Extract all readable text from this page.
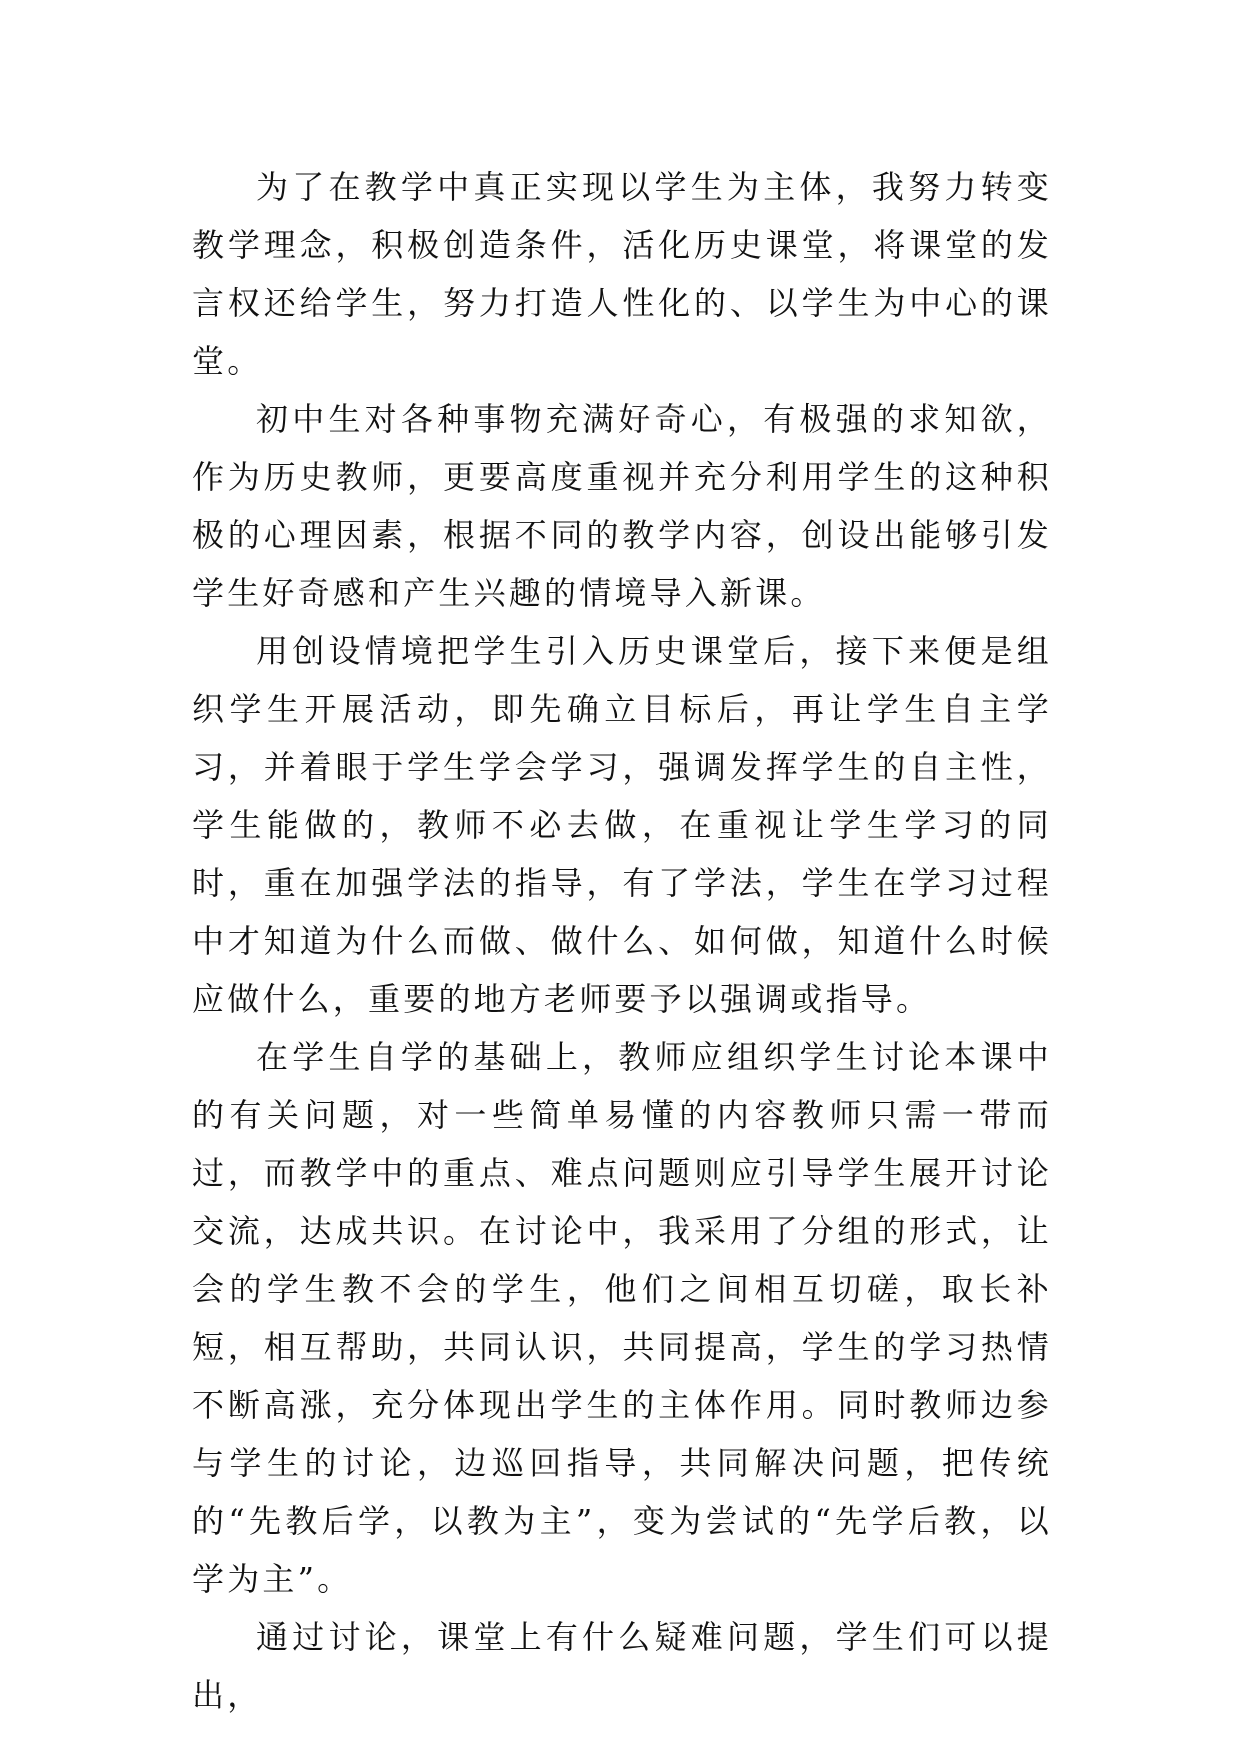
为了在教学中真正实现以学生为主体，我努力转变教学理念，积极创造条件，活化历史课堂，将课堂的发言权还给学生，努力打造人性化的、以学生为中心的课堂。

初中生对各种事物充满好奇心，有极强的求知欲，作为历史教师，更要高度重视并充分利用学生的这种积极的心理因素，根据不同的教学内容，创设出能够引发学生好奇感和产生兴趣的情境导入新课。

用创设情境把学生引入历史课堂后，接下来便是组织学生开展活动，即先确立目标后，再让学生自主学习，并着眼于学生学会学习，强调发挥学生的自主性，学生能做的，教师不必去做，在重视让学生学习的同时，重在加强学法的指导，有了学法，学生在学习过程中才知道为什么而做、做什么、如何做，知道什么时候应做什么，重要的地方老师要予以强调或指导。

在学生自学的基础上，教师应组织学生讨论本课中的有关问题，对一些简单易懂的内容教师只需一带而过，而教学中的重点、难点问题则应引导学生展开讨论交流，达成共识。在讨论中，我采用了分组的形式，让会的学生教不会的学生，他们之间相互切磋，取长补短，相互帮助，共同认识，共同提高，学生的学习热情不断高涨，充分体现出学生的主体作用。同时教师边参与学生的讨论，边巡回指导，共同解决问题，把传统的“先教后学，以教为主”，变为尝试的“先学后教，以学为主”。

通过讨论，课堂上有什么疑难问题，学生们可以提出，
